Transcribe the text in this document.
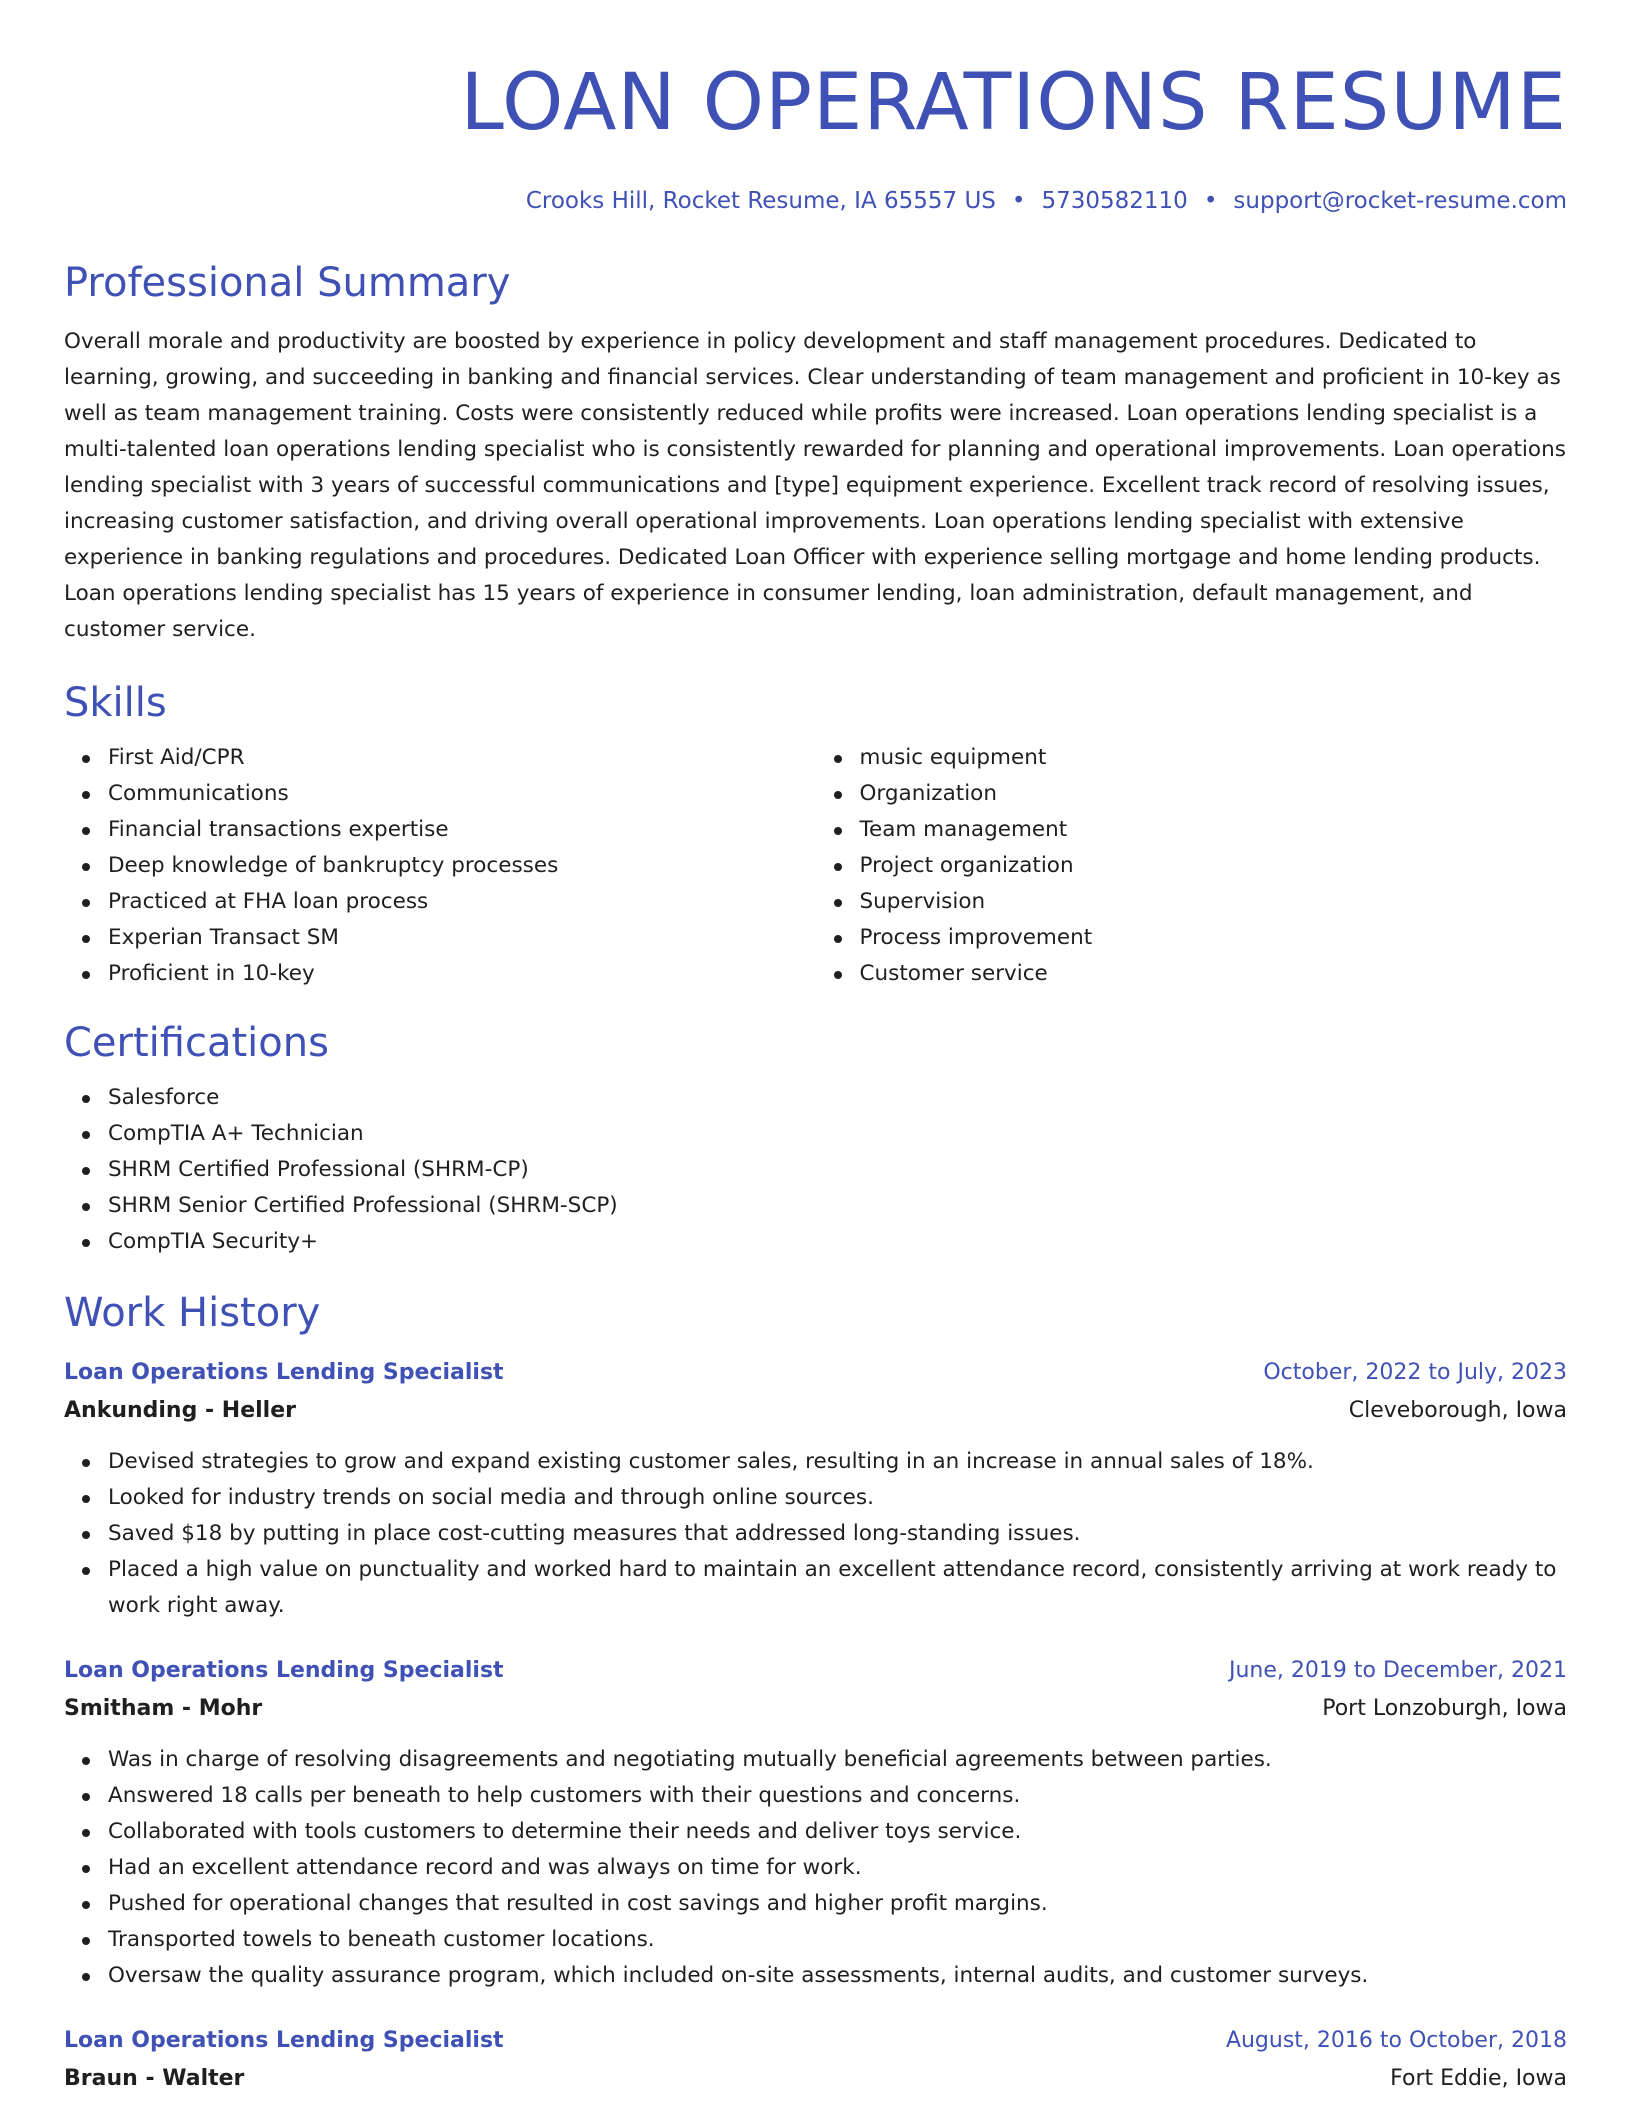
LOAN OPERATIONS RESUME
Crooks Hill, Rocket Resume, IA 65557 US • 5730582110 • support@rocket-resume.com
Professional Summary
Overall morale and productivity are boosted by experience in policy development and staff management procedures. Dedicated to learning, growing, and succeeding in banking and financial services. Clear understanding of team management and proficient in 10-key as well as team management training. Costs were consistently reduced while profits were increased. Loan operations lending specialist is a multi-talented loan operations lending specialist who is consistently rewarded for planning and operational improvements. Loan operations lending specialist with 3 years of successful communications and [type] equipment experience. Excellent track record of resolving issues, increasing customer satisfaction, and driving overall operational improvements. Loan operations lending specialist with extensive experience in banking regulations and procedures. Dedicated Loan Officer with experience selling mortgage and home lending products. Loan operations lending specialist has 15 years of experience in consumer lending, loan administration, default management, and customer service.
Skills
First Aid/CPR
Communications
Financial transactions expertise
Deep knowledge of bankruptcy processes
Practiced at FHA loan process
Experian Transact SM
Proficient in 10-key
music equipment
Organization
Team management
Project organization
Supervision
Process improvement
Customer service
Certifications
Salesforce
CompTIA A+ Technician
SHRM Certified Professional (SHRM-CP)
SHRM Senior Certified Professional (SHRM-SCP)
CompTIA Security+
Work History
Loan Operations Lending Specialist	October, 2022 to July, 2023
Ankunding - Heller	Cleveborough, Iowa
Devised strategies to grow and expand existing customer sales, resulting in an increase in annual sales of 18%.
Looked for industry trends on social media and through online sources.
Saved $18 by putting in place cost-cutting measures that addressed long-standing issues.
Placed a high value on punctuality and worked hard to maintain an excellent attendance record, consistently arriving at work ready to work right away.
Loan Operations Lending Specialist	June, 2019 to December, 2021
Smitham - Mohr	Port Lonzoburgh, Iowa
Was in charge of resolving disagreements and negotiating mutually beneficial agreements between parties.
Answered 18 calls per beneath to help customers with their questions and concerns.
Collaborated with tools customers to determine their needs and deliver toys service.
Had an excellent attendance record and was always on time for work.
Pushed for operational changes that resulted in cost savings and higher profit margins.
Transported towels to beneath customer locations.
Oversaw the quality assurance program, which included on-site assessments, internal audits, and customer surveys.
Loan Operations Lending Specialist	August, 2016 to October, 2018
Braun - Walter	Fort Eddie, Iowa
